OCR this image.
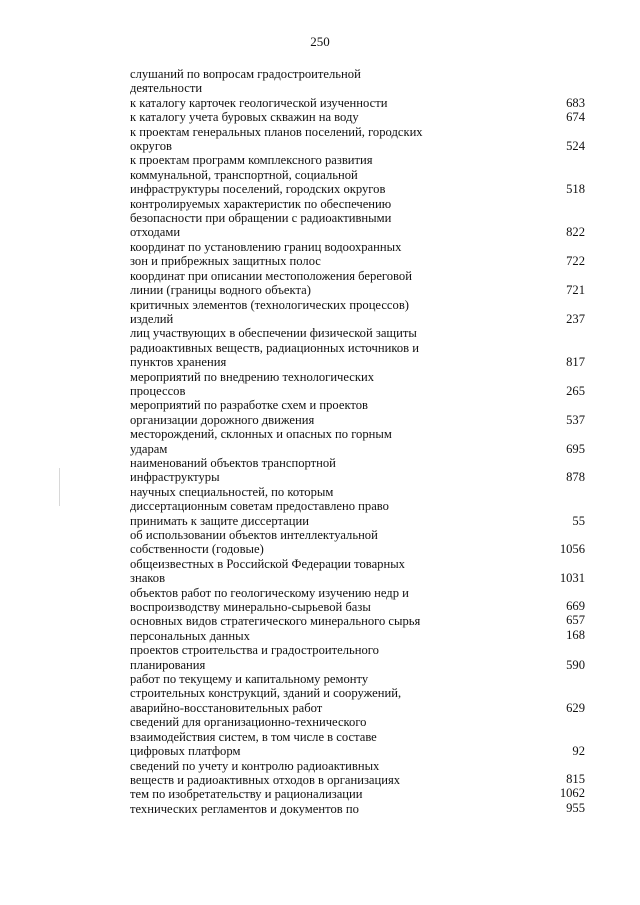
250
слушаний по вопросам градостроительной
деятельности
к каталогу карточек геологической изученности	683
к каталогу учета буровых скважин на воду	674
к проектам генеральных планов поселений, городских
округов	524
к проектам программ комплексного развития
коммунальной, транспортной, социальной
инфраструктуры поселений, городских округов	518
контролируемых характеристик по обеспечению
безопасности при обращении с радиоактивными
отходами	822
координат по установлению границ водоохранных
зон и прибрежных защитных полос	722
координат при описании местоположения береговой
линии (границы водного объекта)	721
критичных элементов (технологических процессов)
изделий	237
лиц участвующих в обеспечении физической защиты
радиоактивных веществ, радиационных источников и
пунктов хранения	817
мероприятий по внедрению технологических
процессов	265
мероприятий по разработке схем и проектов
организации дорожного движения	537
месторождений, склонных и опасных по горным
ударам	695
наименований объектов транспортной
инфраструктуры	878
научных специальностей, по которым
диссертационным советам предоставлено право
принимать к защите диссертации	55
об использовании объектов интеллектуальной
собственности (годовые)	1056
общеизвестных в Российской Федерации товарных
знаков	1031
объектов работ по геологическому изучению недр и
воспроизводству минерально-сырьевой базы	669
основных видов стратегического минерального сырья	657
персональных данных	168
проектов строительства и градостроительного
планирования	590
работ по текущему и капитальному ремонту
строительных конструкций, зданий и сооружений,
аварийно-восстановительных работ	629
сведений для организационно-технического
взаимодействия систем, в том числе в составе
цифровых платформ	92
сведений по учету и контролю радиоактивных
веществ и радиоактивных отходов в организациях	815
тем по изобретательству и рационализации	1062
технических регламентов и документов по	955
